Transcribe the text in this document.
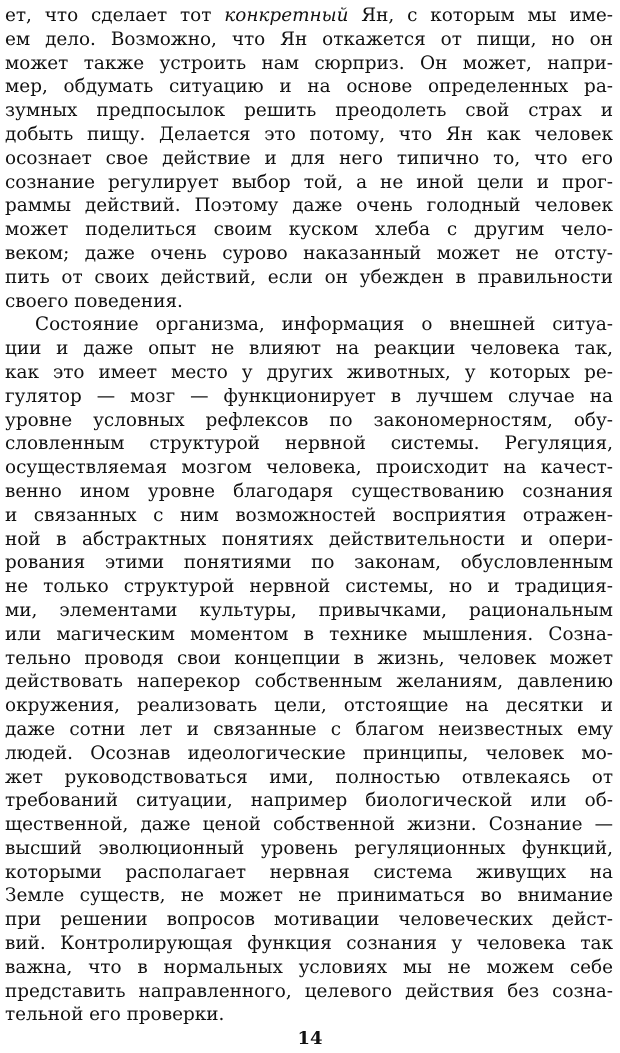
ет, что сделает тот конкретный Ян, с которым мы име-
ем дело. Возможно, что Ян откажется от пищи, но он
может также устроить нам сюрприз. Он может, напри-
мер, обдумать ситуацию и на основе определенных ра-
зумных предпосылок решить преодолеть свой страх и
добыть пищу. Делается это потому, что Ян как человек
осознает свое действие и для него типично то, что его
сознание регулирует выбор той, а не иной цели и прог-
раммы действий. Поэтому даже очень голодный человек
может поделиться своим куском хлеба с другим чело-
веком; даже очень сурово наказанный может не отсту-
пить от своих действий, если он убежден в правильности
своего поведения.
Состояние организма, информация о внешней ситуа-
ции и даже опыт не влияют на реакции человека так,
как это имеет место у других животных, у которых ре-
гулятор — мозг — функционирует в лучшем случае на
уровне условных рефлексов по закономерностям, обу-
словленным структурой нервной системы. Регуляция,
осуществляемая мозгом человека, происходит на качест-
венно ином уровне благодаря существованию сознания
и связанных с ним возможностей восприятия отражен-
ной в абстрактных понятиях действительности и опери-
рования этими понятиями по законам, обусловленным
не только структурой нервной системы, но и традиция-
ми, элементами культуры, привычками, рациональным
или магическим моментом в технике мышления. Созна-
тельно проводя свои концепции в жизнь, человек может
действовать наперекор собственным желаниям, давлению
окружения, реализовать цели, отстоящие на десятки и
даже сотни лет и связанные с благом неизвестных ему
людей. Осознав идеологические принципы, человек мо-
жет руководствоваться ими, полностью отвлекаясь от
требований ситуации, например биологической или об-
щественной, даже ценой собственной жизни. Сознание —
высший эволюционный уровень регуляционных функций,
которыми располагает нервная система живущих на
Земле существ, не может не приниматься во внимание
при решении вопросов мотивации человеческих дейст-
вий. Контролирующая функция сознания у человека так
важна, что в нормальных условиях мы не можем себе
представить направленного, целевого действия без созна-
тельной его проверки.
14
